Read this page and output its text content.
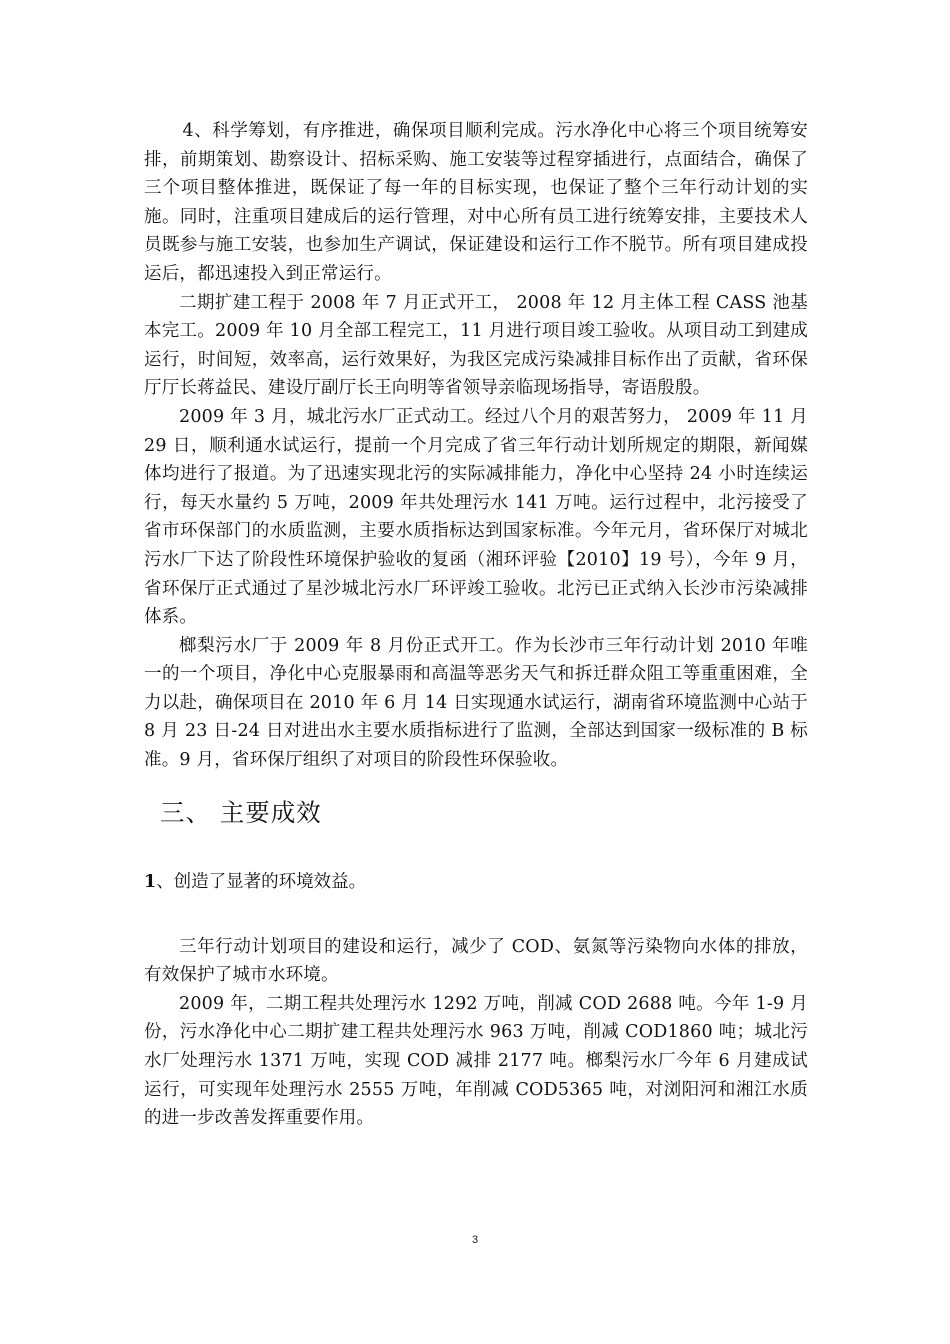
4、科学筹划，有序推进，确保项目顺利完成。污水净化中心将三个项目统筹安排，前期策划、勘察设计、招标采购、施工安装等过程穿插进行，点面结合，确保了三个项目整体推进，既保证了每一年的目标实现，也保证了整个三年行动计划的实施。同时，注重项目建成后的运行管理，对中心所有员工进行统筹安排，主要技术人员既参与施工安装，也参加生产调试，保证建设和运行工作不脱节。所有项目建成投运后，都迅速投入到正常运行。

二期扩建工程于 2008 年 7 月正式开工， 2008 年 12 月主体工程 CASS 池基本完工。2009 年 10 月全部工程完工，11 月进行项目竣工验收。从项目动工到建成运行，时间短，效率高，运行效果好，为我区完成污染减排目标作出了贡献，省环保厅厅长蒋益民、建设厅副厅长王向明等省领导亲临现场指导，寄语殷殷。

2009 年 3 月，城北污水厂正式动工。经过八个月的艰苦努力， 2009 年 11 月 29 日，顺利通水试运行，提前一个月完成了省三年行动计划所规定的期限，新闻媒体均进行了报道。为了迅速实现北污的实际减排能力，净化中心坚持 24 小时连续运行，每天水量约 5 万吨，2009 年共处理污水 141 万吨。运行过程中，北污接受了省市环保部门的水质监测，主要水质指标达到国家标准。今年元月，省环保厅对城北污水厂下达了阶段性环境保护验收的复函（湘环评验【2010】19 号），今年 9 月，省环保厅正式通过了星沙城北污水厂环评竣工验收。北污已正式纳入长沙市污染减排体系。

榔梨污水厂于 2009 年 8 月份正式开工。作为长沙市三年行动计划 2010 年唯一的一个项目，净化中心克服暴雨和高温等恶劣天气和拆迁群众阻工等重重困难，全力以赴，确保项目在 2010 年 6 月 14 日实现通水试运行，湖南省环境监测中心站于 8 月 23 日-24 日对进出水主要水质指标进行了监测，全部达到国家一级标准的 B 标准。9 月，省环保厅组织了对项目的阶段性环保验收。

三、 主要成效
1、创造了显著的环境效益。

三年行动计划项目的建设和运行，减少了 COD、氨氮等污染物向水体的排放，有效保护了城市水环境。

2009 年，二期工程共处理污水 1292 万吨，削减 COD 2688 吨。今年 1-9 月份，污水净化中心二期扩建工程共处理污水 963 万吨，削减 COD1860 吨；城北污水厂处理污水 1371 万吨，实现 COD 减排 2177 吨。榔梨污水厂今年 6 月建成试运行，可实现年处理污水 2555 万吨，年削减 COD5365 吨，对浏阳河和湘江水质的进一步改善发挥重要作用。

3
